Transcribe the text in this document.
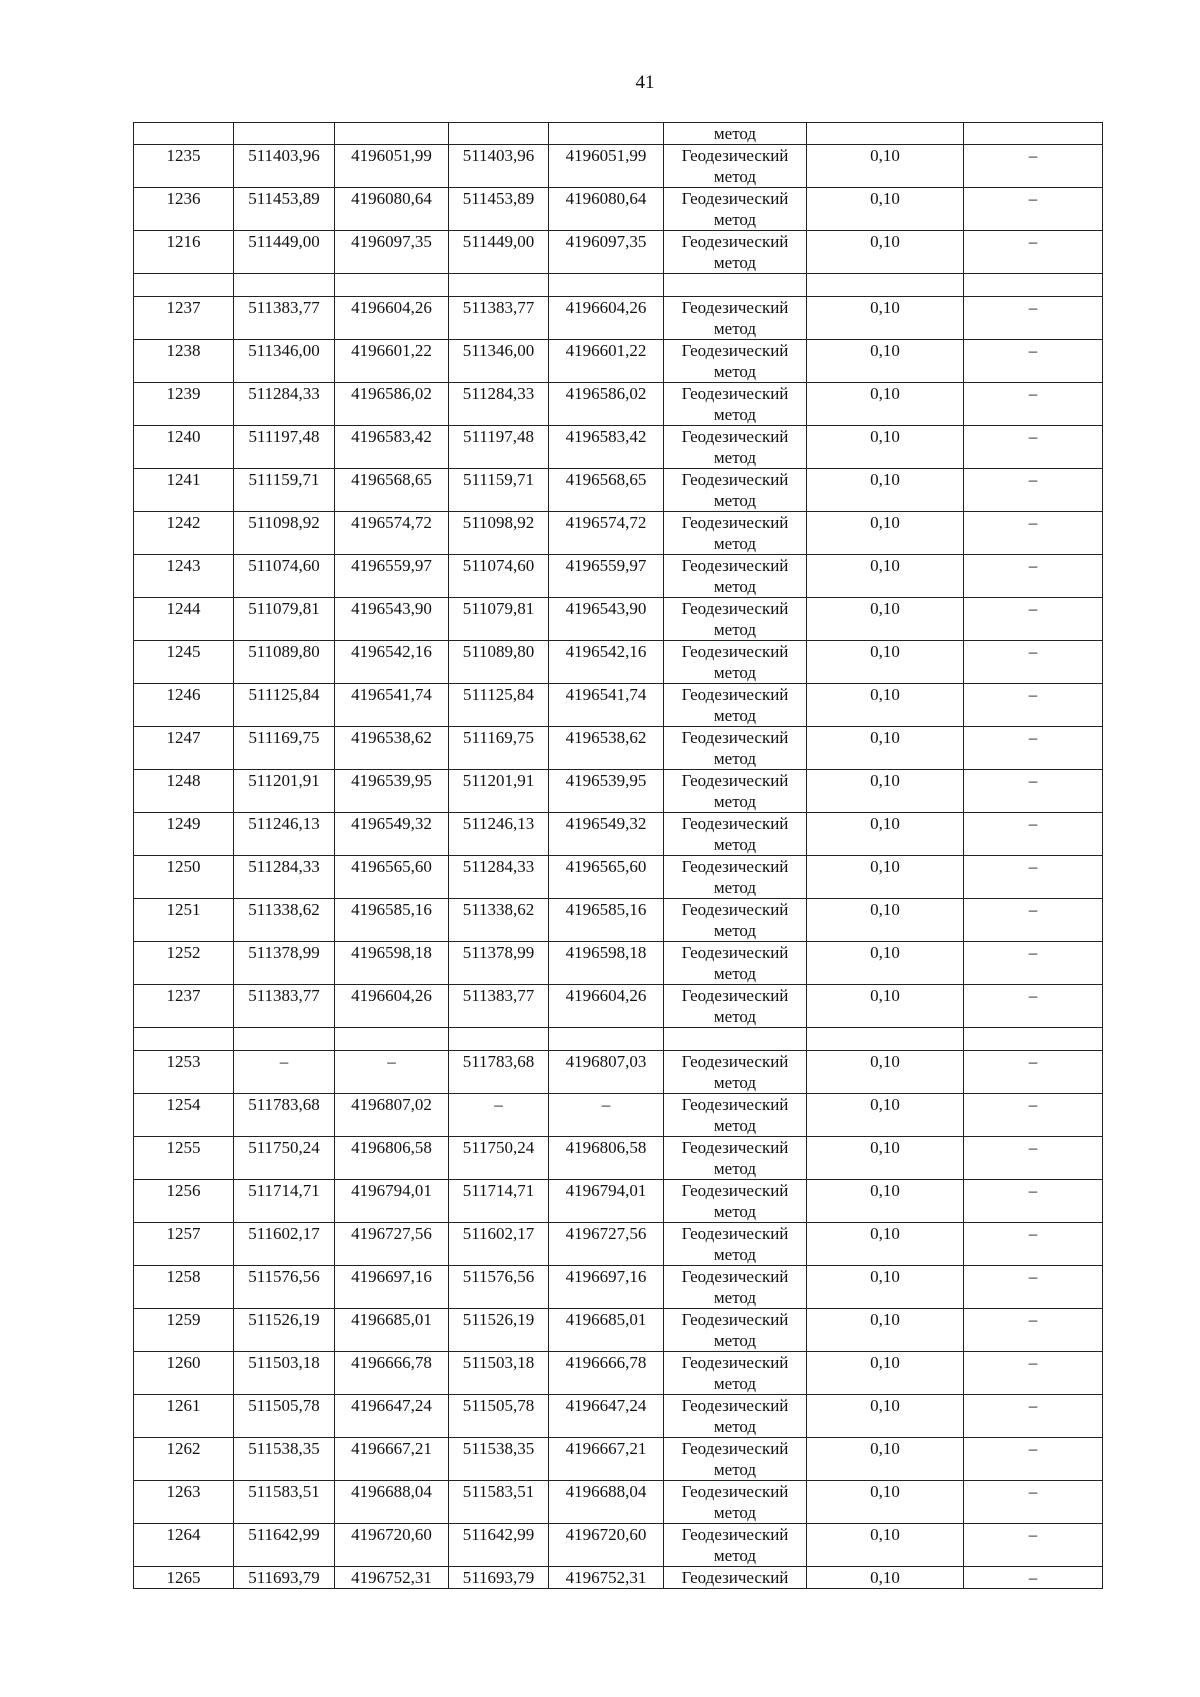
41
					метод		
1235	511403,96	4196051,99	511403,96	4196051,99	Геодезический
метод	0,10	–
1236	511453,89	4196080,64	511453,89	4196080,64	Геодезический
метод	0,10	–
1216	511449,00	4196097,35	511449,00	4196097,35	Геодезический
метод	0,10	–

1237	511383,77	4196604,26	511383,77	4196604,26	Геодезический
метод	0,10	–
1238	511346,00	4196601,22	511346,00	4196601,22	Геодезический
метод	0,10	–
1239	511284,33	4196586,02	511284,33	4196586,02	Геодезический
метод	0,10	–
1240	511197,48	4196583,42	511197,48	4196583,42	Геодезический
метод	0,10	–
1241	511159,71	4196568,65	511159,71	4196568,65	Геодезический
метод	0,10	–
1242	511098,92	4196574,72	511098,92	4196574,72	Геодезический
метод	0,10	–
1243	511074,60	4196559,97	511074,60	4196559,97	Геодезический
метод	0,10	–
1244	511079,81	4196543,90	511079,81	4196543,90	Геодезический
метод	0,10	–
1245	511089,80	4196542,16	511089,80	4196542,16	Геодезический
метод	0,10	–
1246	511125,84	4196541,74	511125,84	4196541,74	Геодезический
метод	0,10	–
1247	511169,75	4196538,62	511169,75	4196538,62	Геодезический
метод	0,10	–
1248	511201,91	4196539,95	511201,91	4196539,95	Геодезический
метод	0,10	–
1249	511246,13	4196549,32	511246,13	4196549,32	Геодезический
метод	0,10	–
1250	511284,33	4196565,60	511284,33	4196565,60	Геодезический
метод	0,10	–
1251	511338,62	4196585,16	511338,62	4196585,16	Геодезический
метод	0,10	–
1252	511378,99	4196598,18	511378,99	4196598,18	Геодезический
метод	0,10	–
1237	511383,77	4196604,26	511383,77	4196604,26	Геодезический
метод	0,10	–

1253	–	–	511783,68	4196807,03	Геодезический
метод	0,10	–
1254	511783,68	4196807,02	–	–	Геодезический
метод	0,10	–
1255	511750,24	4196806,58	511750,24	4196806,58	Геодезический
метод	0,10	–
1256	511714,71	4196794,01	511714,71	4196794,01	Геодезический
метод	0,10	–
1257	511602,17	4196727,56	511602,17	4196727,56	Геодезический
метод	0,10	–
1258	511576,56	4196697,16	511576,56	4196697,16	Геодезический
метод	0,10	–
1259	511526,19	4196685,01	511526,19	4196685,01	Геодезический
метод	0,10	–
1260	511503,18	4196666,78	511503,18	4196666,78	Геодезический
метод	0,10	–
1261	511505,78	4196647,24	511505,78	4196647,24	Геодезический
метод	0,10	–
1262	511538,35	4196667,21	511538,35	4196667,21	Геодезический
метод	0,10	–
1263	511583,51	4196688,04	511583,51	4196688,04	Геодезический
метод	0,10	–
1264	511642,99	4196720,60	511642,99	4196720,60	Геодезический
метод	0,10	–
1265	511693,79	4196752,31	511693,79	4196752,31	Геодезический	0,10	–
